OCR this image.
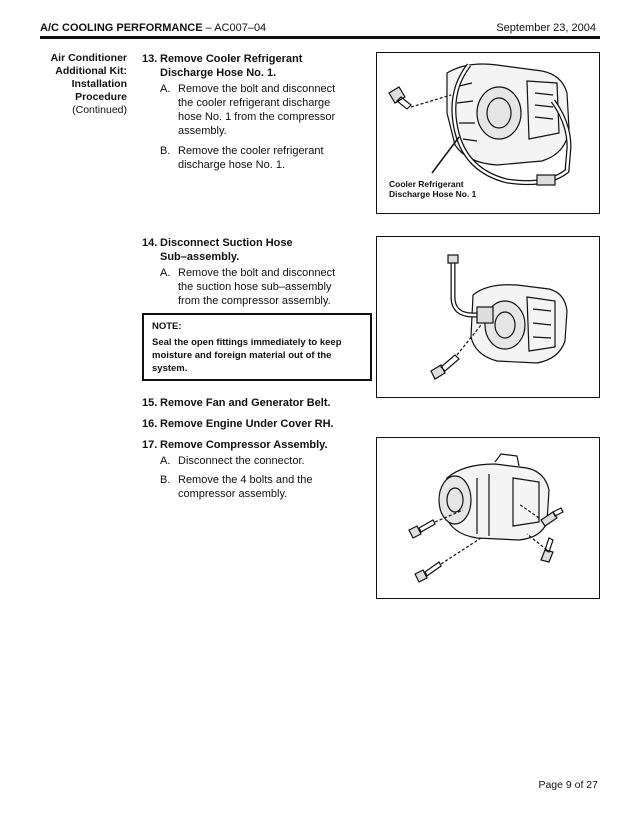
A/C COOLING PERFORMANCE – AC007–04	September 23, 2004
Air Conditioner
Additional Kit:
Installation
Procedure
(Continued)
13. Remove Cooler Refrigerant
Discharge Hose No. 1.
A. Remove the bolt and disconnect the cooler refrigerant discharge hose No. 1 from the compressor assembly.
B. Remove the cooler refrigerant discharge hose No. 1.
14. Disconnect Suction Hose
Sub–assembly.
A. Remove the bolt and disconnect the suction hose sub–assembly from the compressor assembly.
NOTE:
Seal the open fittings immediately to keep moisture and foreign material out of the system.
15. Remove Fan and Generator Belt.
16. Remove Engine Under Cover RH.
17. Remove Compressor Assembly.
A. Disconnect the connector.
B. Remove the 4 bolts and the compressor assembly.
Cooler Refrigerant
Discharge Hose No. 1
Page 9 of 27
